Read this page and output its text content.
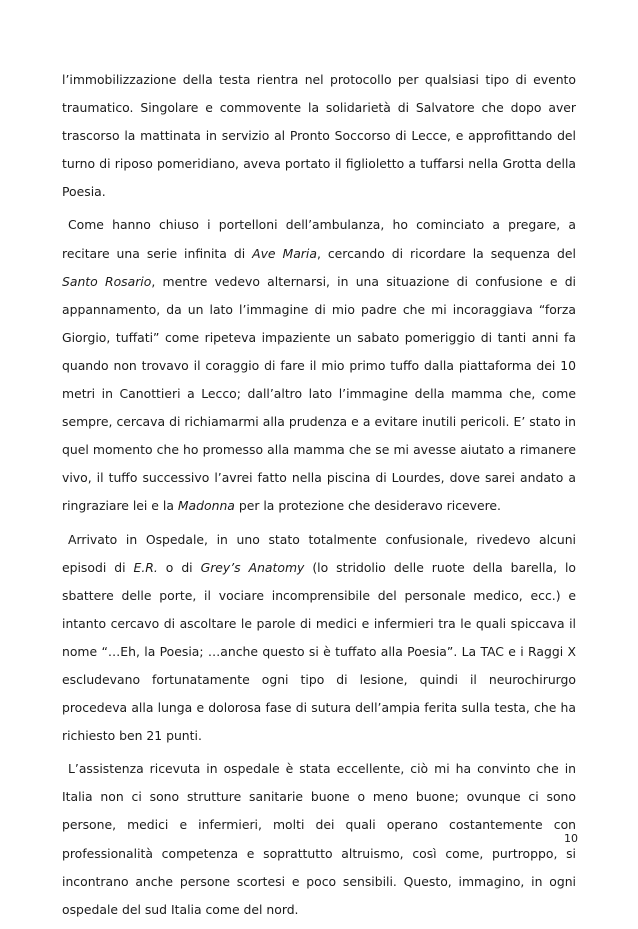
l’immobilizzazione della testa rientra nel protocollo per qualsiasi tipo di evento traumatico. Singolare e commovente la solidarietà di Salvatore che dopo aver trascorso la mattinata in servizio al Pronto Soccorso di Lecce, e approfittando del turno di riposo pomeridiano, aveva portato il figlioletto a tuffarsi nella Grotta della Poesia.

Come hanno chiuso i portelloni dell’ambulanza, ho cominciato a pregare, a recitare una serie infinita di Ave Maria, cercando di ricordare la sequenza del Santo Rosario, mentre vedevo alternarsi, in una situazione di confusione e di appannamento, da un lato l’immagine di mio padre che mi incoraggiava “forza Giorgio, tuffati” come ripeteva impaziente un sabato pomeriggio di tanti anni fa quando non trovavo il coraggio di fare il mio primo tuffo dalla piattaforma dei 10 metri in Canottieri a Lecco; dall’altro lato l’immagine della mamma che, come sempre, cercava di richiamarmi alla prudenza e a evitare inutili pericoli. E’ stato in quel momento che ho promesso alla mamma che se mi avesse aiutato a rimanere vivo, il tuffo successivo l’avrei fatto nella piscina di Lourdes, dove sarei andato a ringraziare lei e la Madonna per la protezione che desideravo ricevere.

Arrivato in Ospedale, in uno stato totalmente confusionale, rivedevo alcuni episodi di E.R. o di Grey’s Anatomy (lo stridolio delle ruote della barella, lo sbattere delle porte, il vociare incomprensibile del personale medico, ecc.) e intanto cercavo di ascoltare le parole di medici e infermieri tra le quali spiccava il nome “…Eh, la Poesia; …anche questo si è tuffato alla Poesia”. La TAC e i Raggi X escludevano fortunatamente ogni tipo di lesione, quindi il neurochirurgo procedeva alla lunga e dolorosa fase di sutura dell’ampia ferita sulla testa, che ha richiesto ben 21 punti.

L’assistenza ricevuta in ospedale è stata eccellente, ciò mi ha convinto che in Italia non ci sono strutture sanitarie buone o meno buone; ovunque ci sono persone, medici e infermieri, molti dei quali operano costantemente con professionalità competenza e soprattutto altruismo, così come, purtroppo, si incontrano anche persone scortesi e poco sensibili. Questo, immagino, in ogni ospedale del sud Italia come del nord.

10
